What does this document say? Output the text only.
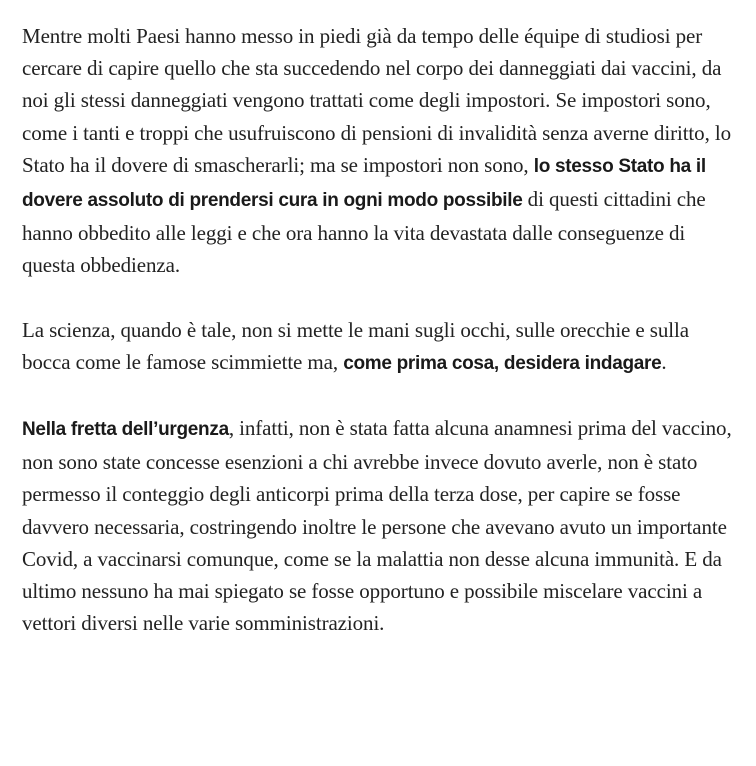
Mentre molti Paesi hanno messo in piedi già da tempo delle équipe di studiosi per cercare di capire quello che sta succedendo nel corpo dei danneggiati dai vaccini, da noi gli stessi danneggiati vengono trattati come degli impostori. Se impostori sono, come i tanti e troppi che usufruiscono di pensioni di invalidità senza averne diritto, lo Stato ha il dovere di smascherarli; ma se impostori non sono, lo stesso Stato ha il dovere assoluto di prendersi cura in ogni modo possibile di questi cittadini che hanno obbedito alle leggi e che ora hanno la vita devastata dalle conseguenze di questa obbedienza.

La scienza, quando è tale, non si mette le mani sugli occhi, sulle orecchie e sulla bocca come le famose scimmiette ma, come prima cosa, desidera indagare.

Nella fretta dell’urgenza, infatti, non è stata fatta alcuna anamnesi prima del vaccino, non sono state concesse esenzioni a chi avrebbe invece dovuto averle, non è stato permesso il conteggio degli anticorpi prima della terza dose, per capire se fosse davvero necessaria, costringendo inoltre le persone che avevano avuto un importante Covid, a vaccinarsi comunque, come se la malattia non desse alcuna immunità. E da ultimo nessuno ha mai spiegato se fosse opportuno e possibile miscelare vaccini a vettori diversi nelle varie somministrazioni.
